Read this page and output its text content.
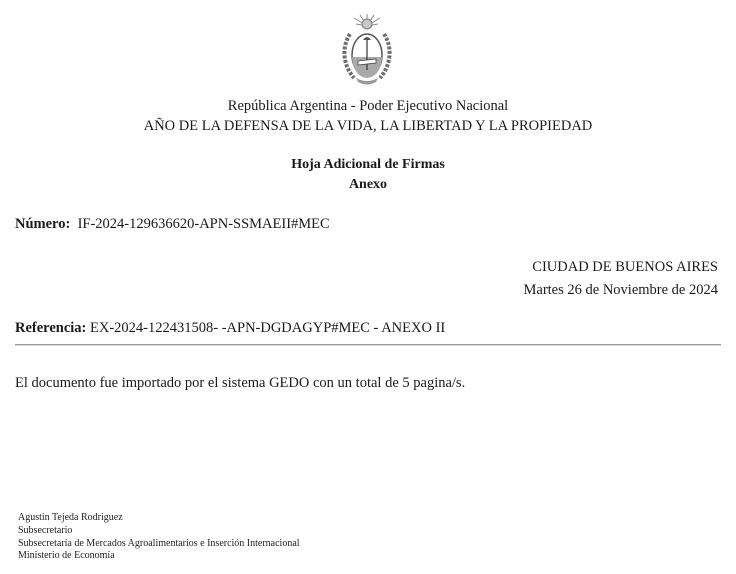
República Argentina - Poder Ejecutivo Nacional
AÑO DE LA DEFENSA DE LA VIDA, LA LIBERTAD Y LA PROPIEDAD
Hoja Adicional de Firmas
Anexo
Número: IF-2024-129636620-APN-SSMAEII#MEC
CIUDAD DE BUENOS AIRES
Martes 26 de Noviembre de 2024
Referencia: EX-2024-122431508- -APN-DGDAGYP#MEC - ANEXO II
El documento fue importado por el sistema GEDO con un total de 5 pagina/s.
Agustin Tejeda Rodriguez
Subsecretario
Subsecretaría de Mercados Agroalimentarios e Inserción Internacional
Ministerio de Economía
